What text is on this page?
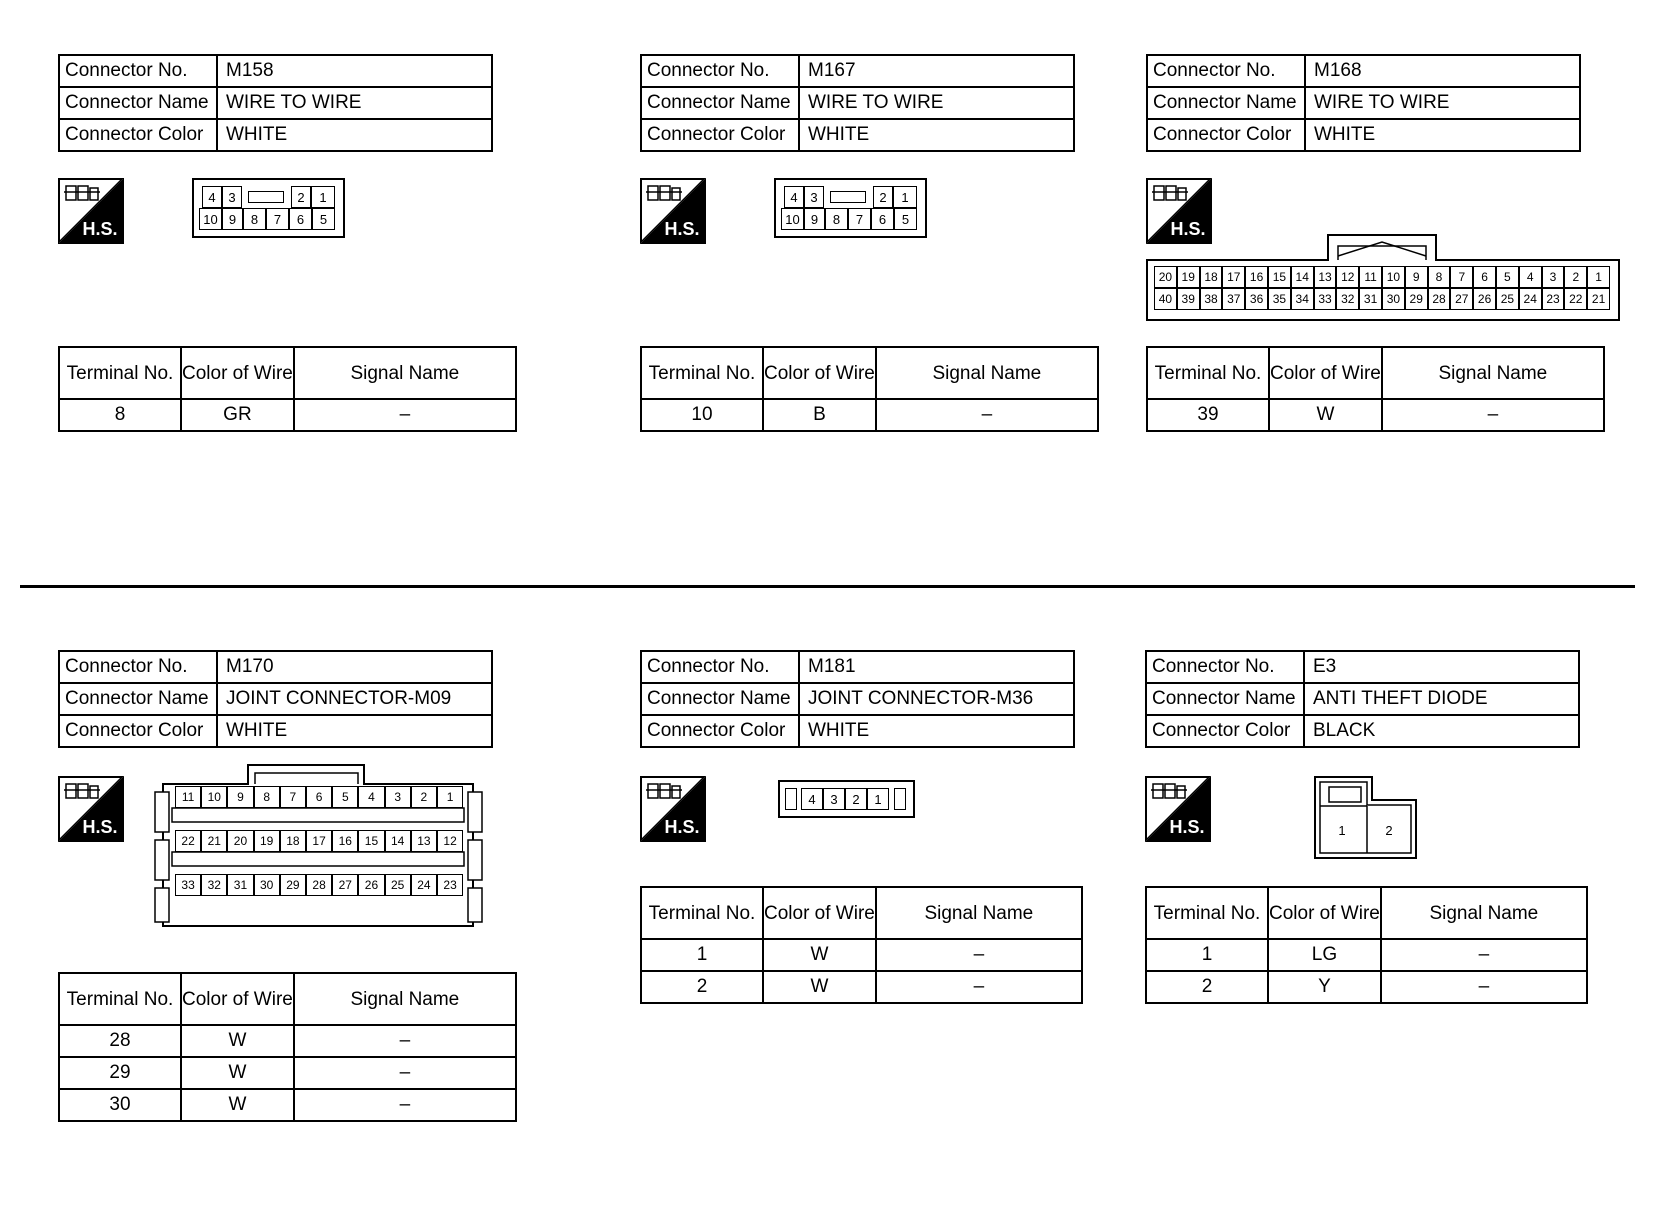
Connector No.	M158
Connector Name	WIRE TO WIRE
Connector Color	WHITE
H.S.
4 3	2	1
10 9	8	7	6	5
Terminal No.	Color of Wire	Signal Name
8	GR	–
Connector No.	M167
Connector Name	WIRE TO WIRE
Connector Color	WHITE
H.S.
4 3	2	1
10 9	8	7	6	5
Terminal No.	Color of Wire	Signal Name
10	B	–
Connector No.	M168
Connector Name	WIRE TO WIRE
Connector Color	WHITE
H.S.
20 19 18 17 16 15 14 13 12 11 10	9	8	7	6	5	4	3	2	1
40 39 38 37 36 35 34 33 32 31 30 29 28 27 26 25 24 23 22 21
Terminal No.	Color of Wire	Signal Name
39	W	–
Connector No.	M170
Connector Name	JOINT CONNECTOR-M09
Connector Color	WHITE
H.S.
11	10	9	8	7	6	5	4	3	2	1
22	21	20	19	18	17	16	15	14	13	12
33	32	31	30	29	28	27	26	25	24	23
Terminal No.	Color of Wire	Signal Name
28	W	–
29	W	–
30	W	–
Connector No.	M181
Connector Name	JOINT CONNECTOR-M36
Connector Color	WHITE
H.S.
4	3	2	1
Terminal No.	Color of Wire	Signal Name
1	W	–
2	W	–
Connector No.	E3
Connector Name	ANTI THEFT DIODE
Connector Color	BLACK
H.S.	1	2
Terminal No.	Color of Wire	Signal Name
1	LG	–
2	Y	–
